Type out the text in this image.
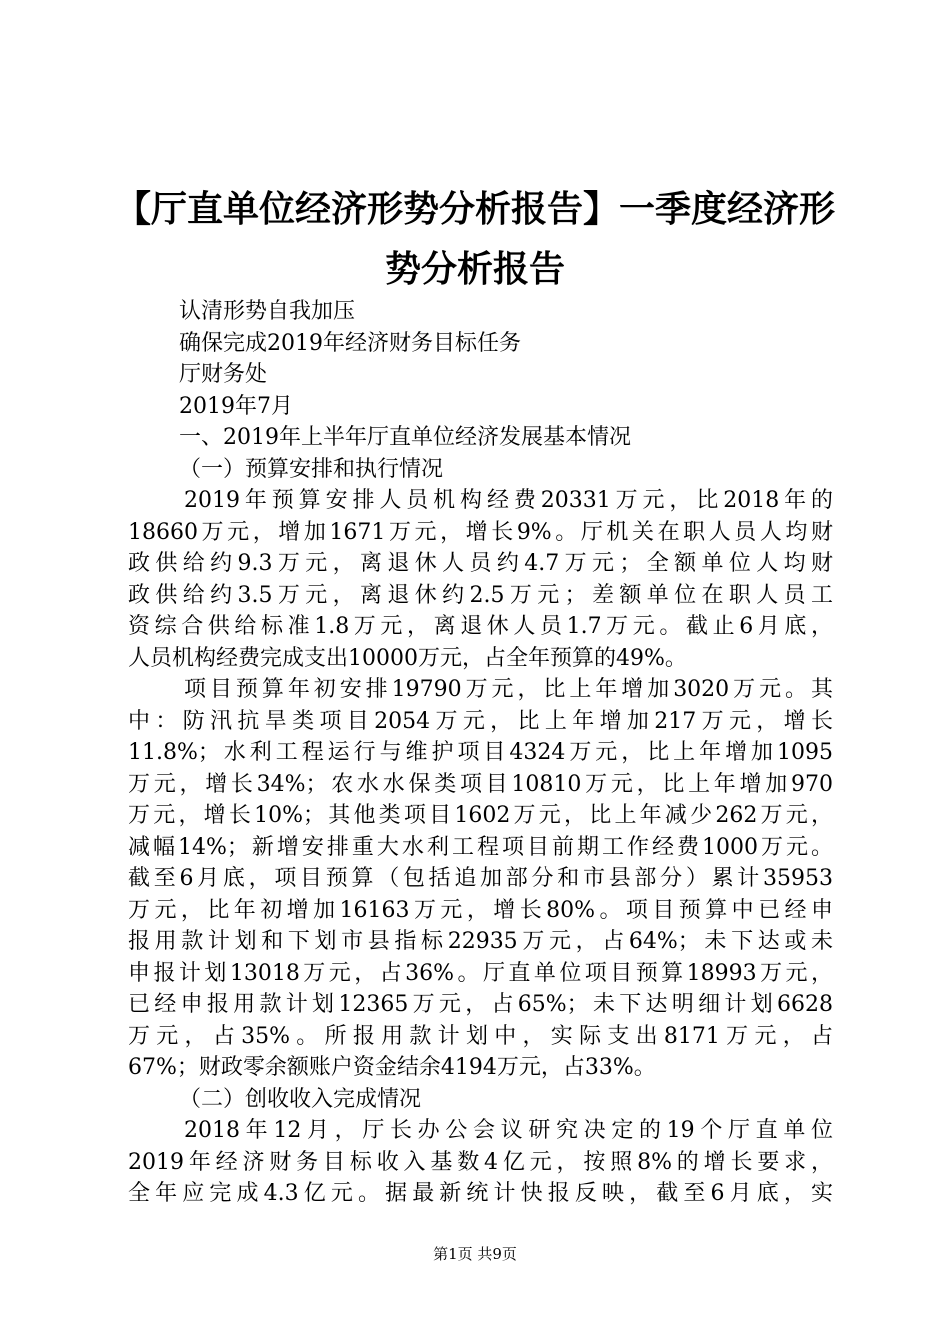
【厅直单位经济形势分析报告】一季度经济形
势分析报告
认清形势自我加压
确保完成2019年经济财务目标任务
厅财务处
2019年7月
一、2019年上半年厅直单位经济发展基本情况
（一）预算安排和执行情况
2019年预算安排人员机构经费20331万元，比2018年的
18660万元，增加1671万元，增长9%。厅机关在职人员人均财
政供给约9.3万元，离退休人员约4.7万元；全额单位人均财
政供给约3.5万元，离退休约2.5万元；差额单位在职人员工
资综合供给标准1.8万元，离退休人员1.7万元。截止6月底，
人员机构经费完成支出10000万元，占全年预算的49%。
项目预算年初安排19790万元，比上年增加3020万元。其
中：防汛抗旱类项目2054万元，比上年增加217万元，增长
11.8%；水利工程运行与维护项目4324万元，比上年增加1095
万元，增长34%；农水水保类项目10810万元，比上年增加970
万元，增长10%；其他类项目1602万元，比上年减少262万元，
减幅14%；新增安排重大水利工程项目前期工作经费1000万元。
截至6月底，项目预算（包括追加部分和市县部分）累计35953
万元，比年初增加16163万元，增长80%。项目预算中已经申
报用款计划和下划市县指标22935万元，占64%；未下达或未
申报计划13018万元，占36%。厅直单位项目预算18993万元，
已经申报用款计划12365万元，占65%；未下达明细计划6628
万元，占35%。所报用款计划中，实际支出8171万元，占
67%；财政零余额账户资金结余4194万元，占33%。
（二）创收收入完成情况
2018年12月，厅长办公会议研究决定的19个厅直单位
2019年经济财务目标收入基数4亿元，按照8%的增长要求，
全年应完成4.3亿元。据最新统计快报反映，截至6月底，实
第1页 共9页
